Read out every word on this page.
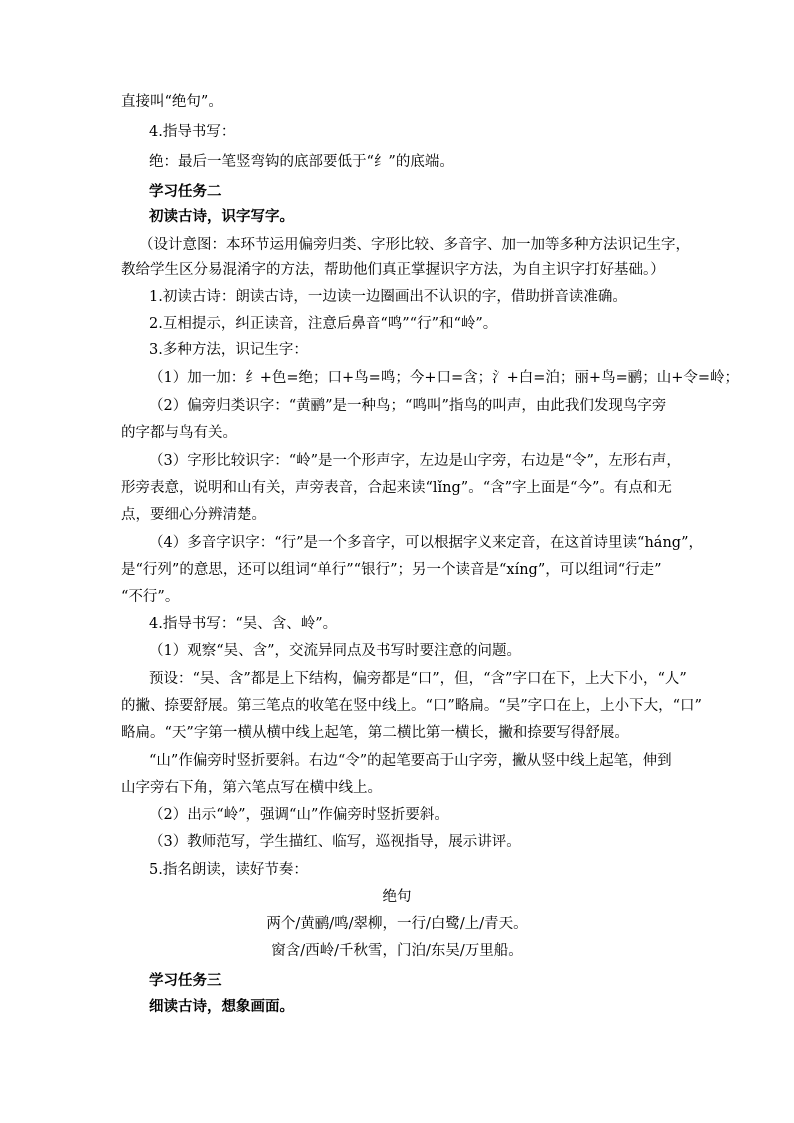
直接叫“绝句”。
4.指导书写：
绝：最后一笔竖弯钩的底部要低于“纟”的底端。
学习任务二
初读古诗，识字写字。
（设计意图：本环节运用偏旁归类、字形比较、多音字、加一加等多种方法识记生字，
教给学生区分易混淆字的方法，帮助他们真正掌握识字方法，为自主识字打好基础。）
1.初读古诗：朗读古诗，一边读一边圈画出不认识的字，借助拼音读准确。
2.互相提示，纠正读音，注意后鼻音“鸣”“行”和“岭”。
3.多种方法，识记生字：
（1）加一加：纟+色=绝；口+鸟=鸣；今+口=含；氵+白=泊；丽+鸟=鹂；山+令=岭；
（2）偏旁归类识字：“黄鹂”是一种鸟；“鸣叫”指鸟的叫声，由此我们发现鸟字旁
的字都与鸟有关。
（3）字形比较识字：“岭”是一个形声字，左边是山字旁，右边是“令”，左形右声，
形旁表意，说明和山有关，声旁表音，合起来读“lǐng”。“含”字上面是“今”。有点和无
点，要细心分辨清楚。
（4）多音字识字：“行”是一个多音字，可以根据字义来定音，在这首诗里读“háng”，
是“行列”的意思，还可以组词“单行”“银行”；另一个读音是“xíng”，可以组词“行走”
“不行”。
4.指导书写：“吴、含、岭”。
（1）观察“吴、含”，交流异同点及书写时要注意的问题。
预设：“吴、含”都是上下结构，偏旁都是“口”，但，“含”字口在下，上大下小，“人”
的撇、捺要舒展。第三笔点的收笔在竖中线上。“口”略扁。“吴”字口在上，上小下大，“口”
略扁。“天”字第一横从横中线上起笔，第二横比第一横长，撇和捺要写得舒展。
“山”作偏旁时竖折要斜。右边“令”的起笔要高于山字旁，撇从竖中线上起笔，伸到
山字旁右下角，第六笔点写在横中线上。
（2）出示“岭”，强调“山”作偏旁时竖折要斜。
（3）教师范写，学生描红、临写，巡视指导，展示讲评。
5.指名朗读，读好节奏：
绝句
两个/黄鹂/鸣/翠柳，一行/白鹭/上/青天。
窗含/西岭/千秋雪，门泊/东吴/万里船。
学习任务三
细读古诗，想象画面。
